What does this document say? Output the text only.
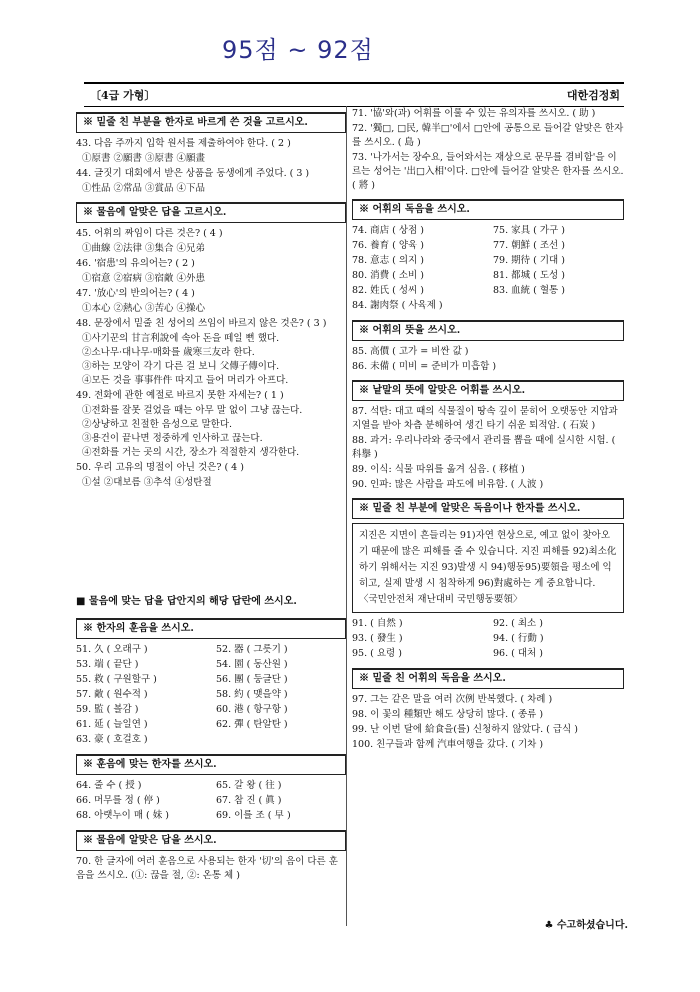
95점 ~ 92점
〔4급 가형〕	대한검정회
※ 밑줄 친 부분을 한자로 바르게 쓴 것을 고르시오.
43. 다음 주까지 입학 원서를 제출하여야 한다. ( 2 )
①原書 ②願書 ③原書 ④願畫
44. 글짓기 대회에서 받은 상품을 동생에게 주었다. ( 3 )
①性品 ②常品 ③賞品 ④下品
※ 물음에 알맞은 답을 고르시오.
45. 어휘의 짜임이 다른 것은? ( 4 )
①曲線 ②法律 ③集合 ④兄弟
46. '宿患'의 유의어는? ( 2 )
①宿意 ②宿病 ③宿敵 ④外患
47. '放心'의 반의어는? ( 4 )
①本心 ②熱心 ③苦心 ④操心
48. 문장에서 밑줄 친 성어의 쓰임이 바르지 않은 것은? ( 3 )
①사기꾼의 甘言利說에 속아 돈을 떼일 뻔 했다.
②소나무·대나무·매화를 歲寒三友라 한다.
③하는 모양이 각기 다른 걸 보니 父傳子傳이다.
④모든 것을 事事件件 따지고 들어 머리가 아프다.
49. 전화에 관한 예절로 바르지 못한 자세는? ( 1 )
①전화를 잘못 걸었을 때는 아무 말 없이 그냥 끊는다.
②상냥하고 친절한 음성으로 말한다.
③용건이 끝나면 정중하게 인사하고 끊는다.
④전화를 거는 곳의 시간, 장소가 적절한지 생각한다.
50. 우리 고유의 명절이 아닌 것은? ( 4 )
①설 ②대보름 ③추석 ④성탄절
■ 물음에 맞는 답을 답안지의 해당 답란에 쓰시오.
※ 한자의 훈음을 쓰시오.
51. 久 ( 오래구 )	52. 器 ( 그릇기 )
53. 端 ( 끝단 )	54. 園 ( 동산원 )
55. 救 ( 구원할구 )	56. 團 ( 둥글단 )
57. 敵 ( 원수적 )	58. 約 ( 맺을약 )
59. 監 ( 볼감 )	60. 港 ( 항구항 )
61. 延 ( 늘일연 )	62. 彈 ( 탄알탄 )
63. 豪 ( 호걸호 )
※ 훈음에 맞는 한자를 쓰시오.
64. 줄 수 ( 授 )	65. 갈 왕 ( 往 )
66. 머무를 정 ( 停 )	67. 참 진 ( 眞 )
68. 아랫누이 매 ( 妹 )	69. 이를 조 ( 早 )
※ 물음에 알맞은 답을 쓰시오.
70. 한 글자에 여러 훈음으로 사용되는 한자 '切'의 음이 다른 훈음을 쓰시오. (①: 끊을 절, ②: 온통 체 )
71. '協'와(과) 어휘를 이룰 수 있는 유의자를 쓰시오. ( 助 )
72. '獨□, □民, 韓半□'에서 □안에 공통으로 들어갈 알맞은 한자를 쓰시오. ( 島 )
73. '나가서는 장수요, 들어와서는 재상으로 문무를 겸비함'을 이르는 성어는 '出□入相'이다. □안에 들어갈 알맞은 한자를 쓰시오. ( 將 )
※ 어휘의 독음을 쓰시오.
74. 商店 ( 상점 )	75. 家具 ( 가구 )
76. 養育 ( 양육 )	77. 朝鮮 ( 조선 )
78. 意志 ( 의지 )	79. 期待 ( 기대 )
80. 消費 ( 소비 )	81. 都城 ( 도성 )
82. 姓氏 ( 성씨 )	83. 血統 ( 혈통 )
84. 謝肉祭 ( 사육제 )
※ 어휘의 뜻을 쓰시오.
85. 高價 ( 고가 = 비싼 값 )
86. 未備 ( 미비 = 준비가 미흡함 )
※ 낱말의 뜻에 알맞은 어휘를 쓰시오.
87. 석탄: 대고 때의 식물질이 땅속 깊이 묻히어 오랫동안 지압과 지열을 받아 차츰 분해하여 생긴 타기 쉬운 퇴적암. ( 石炭 )
88. 과거: 우리나라와 중국에서 관리를 뽑을 때에 실시한 시험. ( 科擧 )
89. 이식: 식물 따위를 옮겨 심음. ( 移植 )
90. 인파: 많은 사람을 파도에 비유함. ( 人波 )
※ 밑줄 친 부분에 알맞은 독음이나 한자를 쓰시오.
지진은 지면이 흔들리는 91)자연 현상으로, 예고 없이 찾아오기 때문에 많은 피해를 줄 수 있습니다. 지진 피해를 92)최소化하기 위해서는 지진 93)발생 시 94)행동95)要領을 평소에 익히고, 실제 발생 시 침착하게 96)對處하는 게 중요합니다. 〈국민안전처 재난대비 국민행동要領〉
91. ( 自然 )	92. ( 최소 )
93. ( 發生 )	94. ( 行動 )
95. ( 요령 )	96. ( 대처 )
※ 밑줄 친 어휘의 독음을 쓰시오.
97. 그는 같은 말을 여러 次例 반복했다. ( 차례 )
98. 이 꽃의 種類만 해도 상당히 많다. ( 종류 )
99. 난 이번 달에 給食을(를) 신청하지 않았다. ( 급식 )
100. 친구들과 함께 汽車여행을 갔다. ( 기차 )
♣ 수고하셨습니다.
